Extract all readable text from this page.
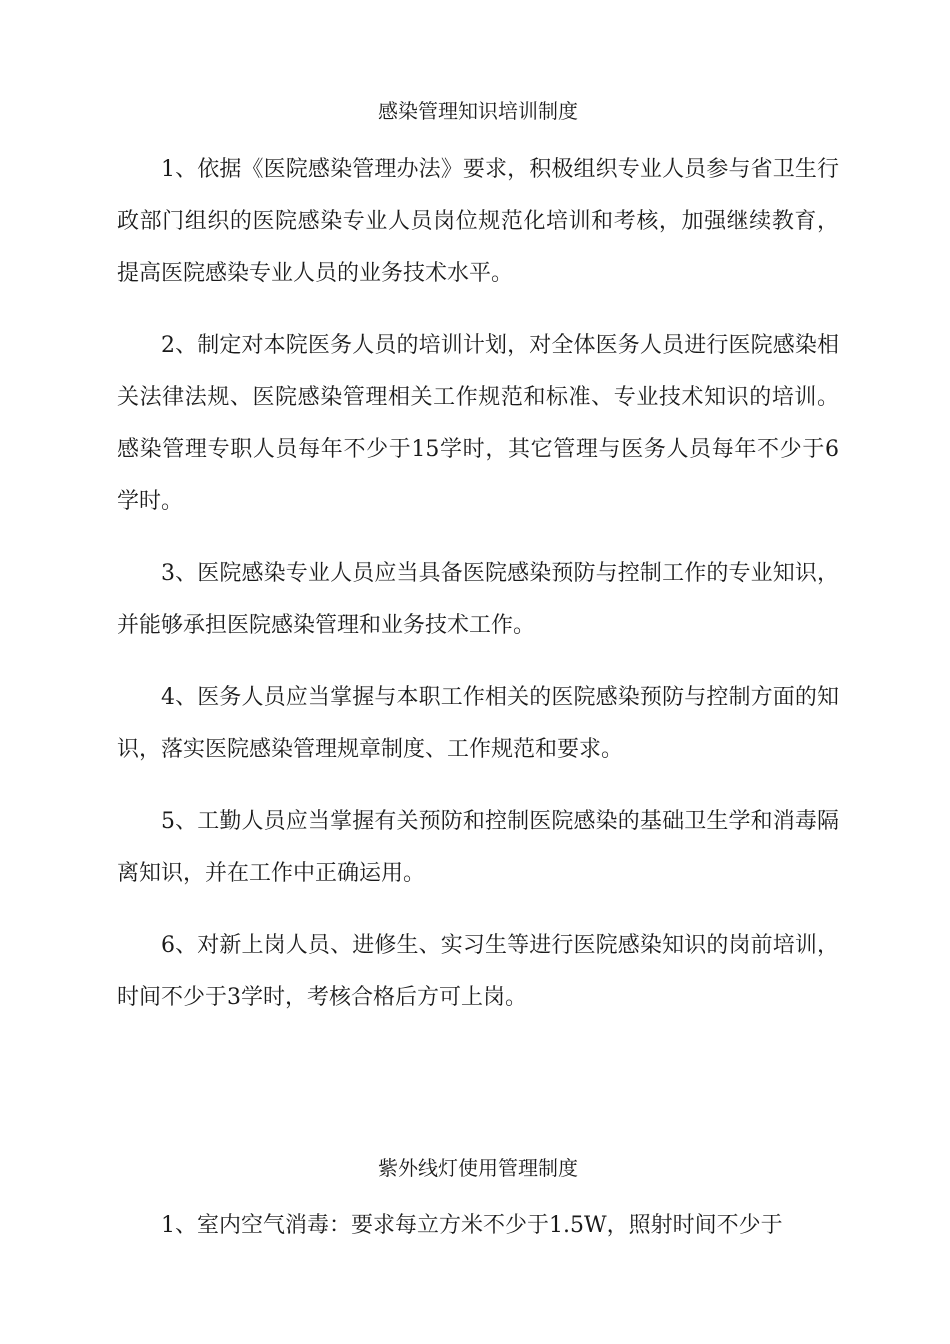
感染管理知识培训制度

1、依据《医院感染管理办法》要求，积极组织专业人员参与省卫生行政部门组织的医院感染专业人员岗位规范化培训和考核，加强继续教育，提高医院感染专业人员的业务技术水平。

2、制定对本院医务人员的培训计划，对全体医务人员进行医院感染相关法律法规、医院感染管理相关工作规范和标准、专业技术知识的培训。感染管理专职人员每年不少于15学时，其它管理与医务人员每年不少于6学时。

3、医院感染专业人员应当具备医院感染预防与控制工作的专业知识，并能够承担医院感染管理和业务技术工作。

4、医务人员应当掌握与本职工作相关的医院感染预防与控制方面的知识，落实医院感染管理规章制度、工作规范和要求。

5、工勤人员应当掌握有关预防和控制医院感染的基础卫生学和消毒隔离知识，并在工作中正确运用。

6、对新上岗人员、进修生、实习生等进行医院感染知识的岗前培训，时间不少于3学时，考核合格后方可上岗。

紫外线灯使用管理制度

1、室内空气消毒：要求每立方米不少于1.5W，照射时间不少于
